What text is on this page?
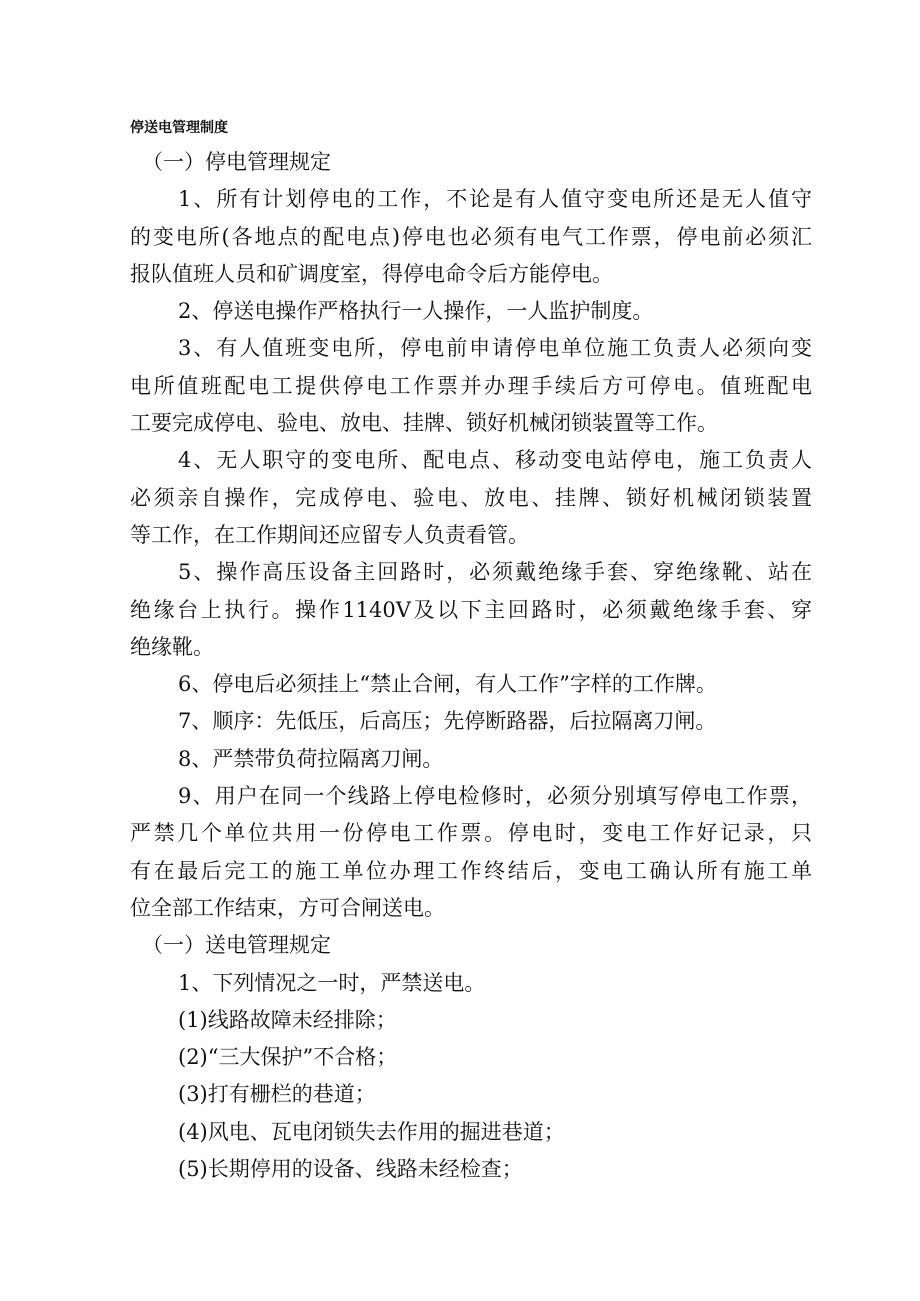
停送电管理制度
（一）停电管理规定
1、所有计划停电的工作，不论是有人值守变电所还是无人值守
的变电所(各地点的配电点)停电也必须有电气工作票，停电前必须汇
报队值班人员和矿调度室，得停电命令后方能停电。
2、停送电操作严格执行一人操作，一人监护制度。
3、有人值班变电所，停电前申请停电单位施工负责人必须向变
电所值班配电工提供停电工作票并办理手续后方可停电。值班配电
工要完成停电、验电、放电、挂牌、锁好机械闭锁装置等工作。
4、无人职守的变电所、配电点、移动变电站停电，施工负责人
必须亲自操作，完成停电、验电、放电、挂牌、锁好机械闭锁装置
等工作，在工作期间还应留专人负责看管。
5、操作高压设备主回路时，必须戴绝缘手套、穿绝缘靴、站在
绝缘台上执行。操作1140V及以下主回路时，必须戴绝缘手套、穿
绝缘靴。
6、停电后必须挂上“禁止合闸，有人工作”字样的工作牌。
7、顺序：先低压，后高压；先停断路器，后拉隔离刀闸。
8、严禁带负荷拉隔离刀闸。
9、用户在同一个线路上停电检修时，必须分别填写停电工作票，
严禁几个单位共用一份停电工作票。停电时，变电工作好记录，只
有在最后完工的施工单位办理工作终结后，变电工确认所有施工单
位全部工作结束，方可合闸送电。
（一）送电管理规定
1、下列情况之一时，严禁送电。
(1)线路故障未经排除；
(2)“三大保护”不合格；
(3)打有栅栏的巷道；
(4)风电、瓦电闭锁失去作用的掘进巷道；
(5)长期停用的设备、线路未经检查；
